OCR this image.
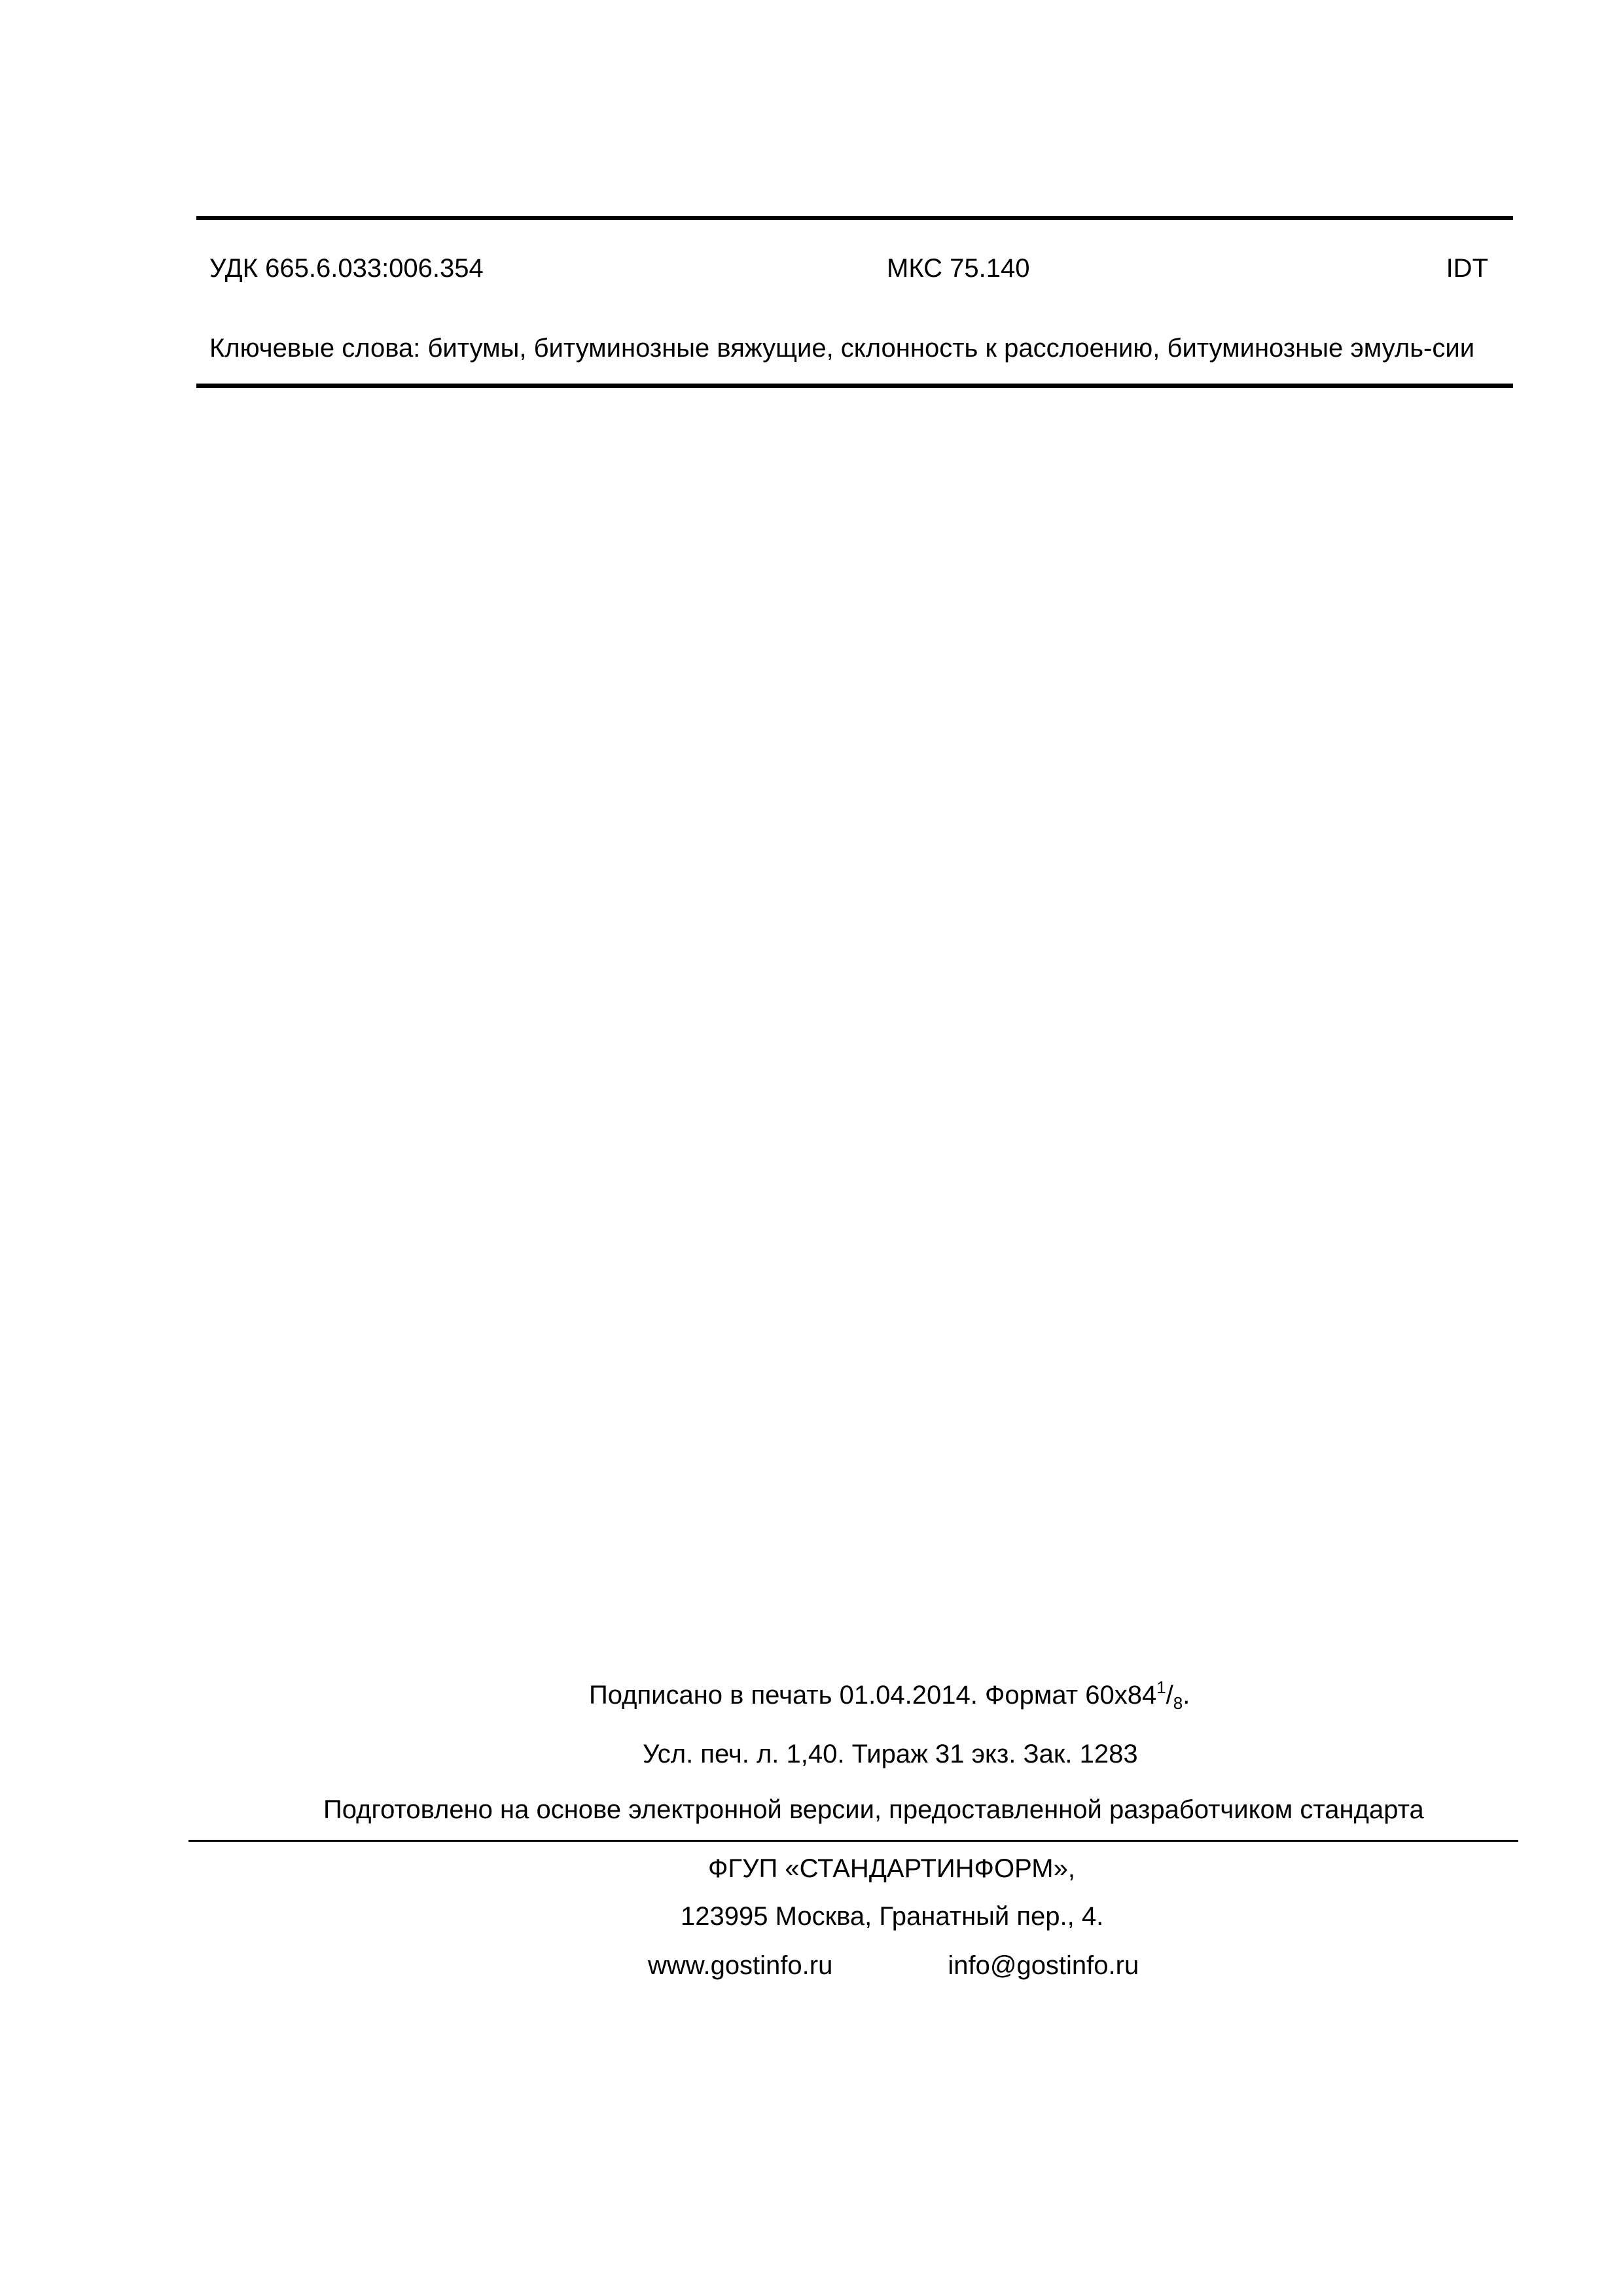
УДК 665.6.033:006.354	МКС 75.140	IDT
Ключевые слова: битумы, битуминозные вяжущие, склонность к расслоению, битуминозные эмуль-сии
Подписано в печать 01.04.2014. Формат $60x84^1/_8$.
Усл. печ. л. 1,40. Тираж 31 экз. Зак. 1283
Подготовлено на основе электронной версии, предоставленной разработчиком стандарта
ФГУП «СТАНДАРТИНФОРМ»,
123995 Москва, Гранатный пер., 4.
www.gostinfo.ru	info@gostinfo.ru
